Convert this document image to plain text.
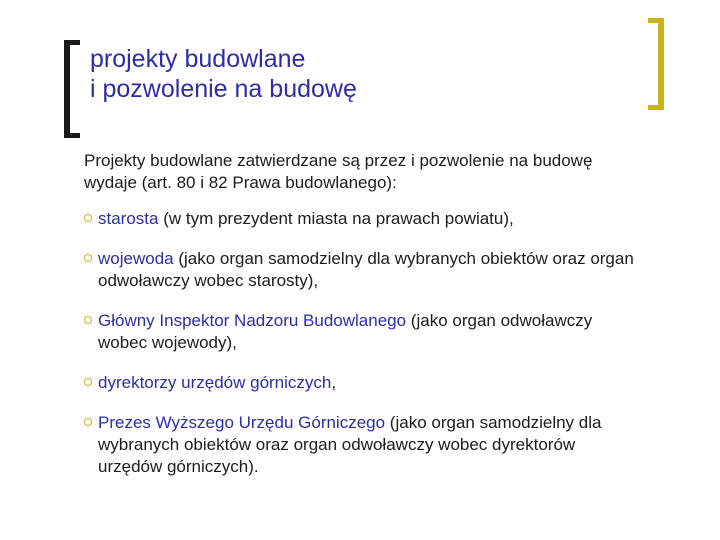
projekty budowlane
i pozwolenie na budowę

Projekty budowlane zatwierdzane są przez i pozwolenie na budowę wydaje (art. 80 i 82 Prawa budowlanego):

starosta (w tym prezydent miasta na prawach powiatu),
wojewoda (jako organ samodzielny dla wybranych obiektów oraz organ odwoławczy wobec starosty),
Główny Inspektor Nadzoru Budowlanego (jako organ odwoławczy wobec wojewody),
dyrektorzy urzędów górniczych,
Prezes Wyższego Urzędu Górniczego (jako organ samodzielny dla wybranych obiektów oraz organ odwoławczy wobec dyrektorów urzędów górniczych).
